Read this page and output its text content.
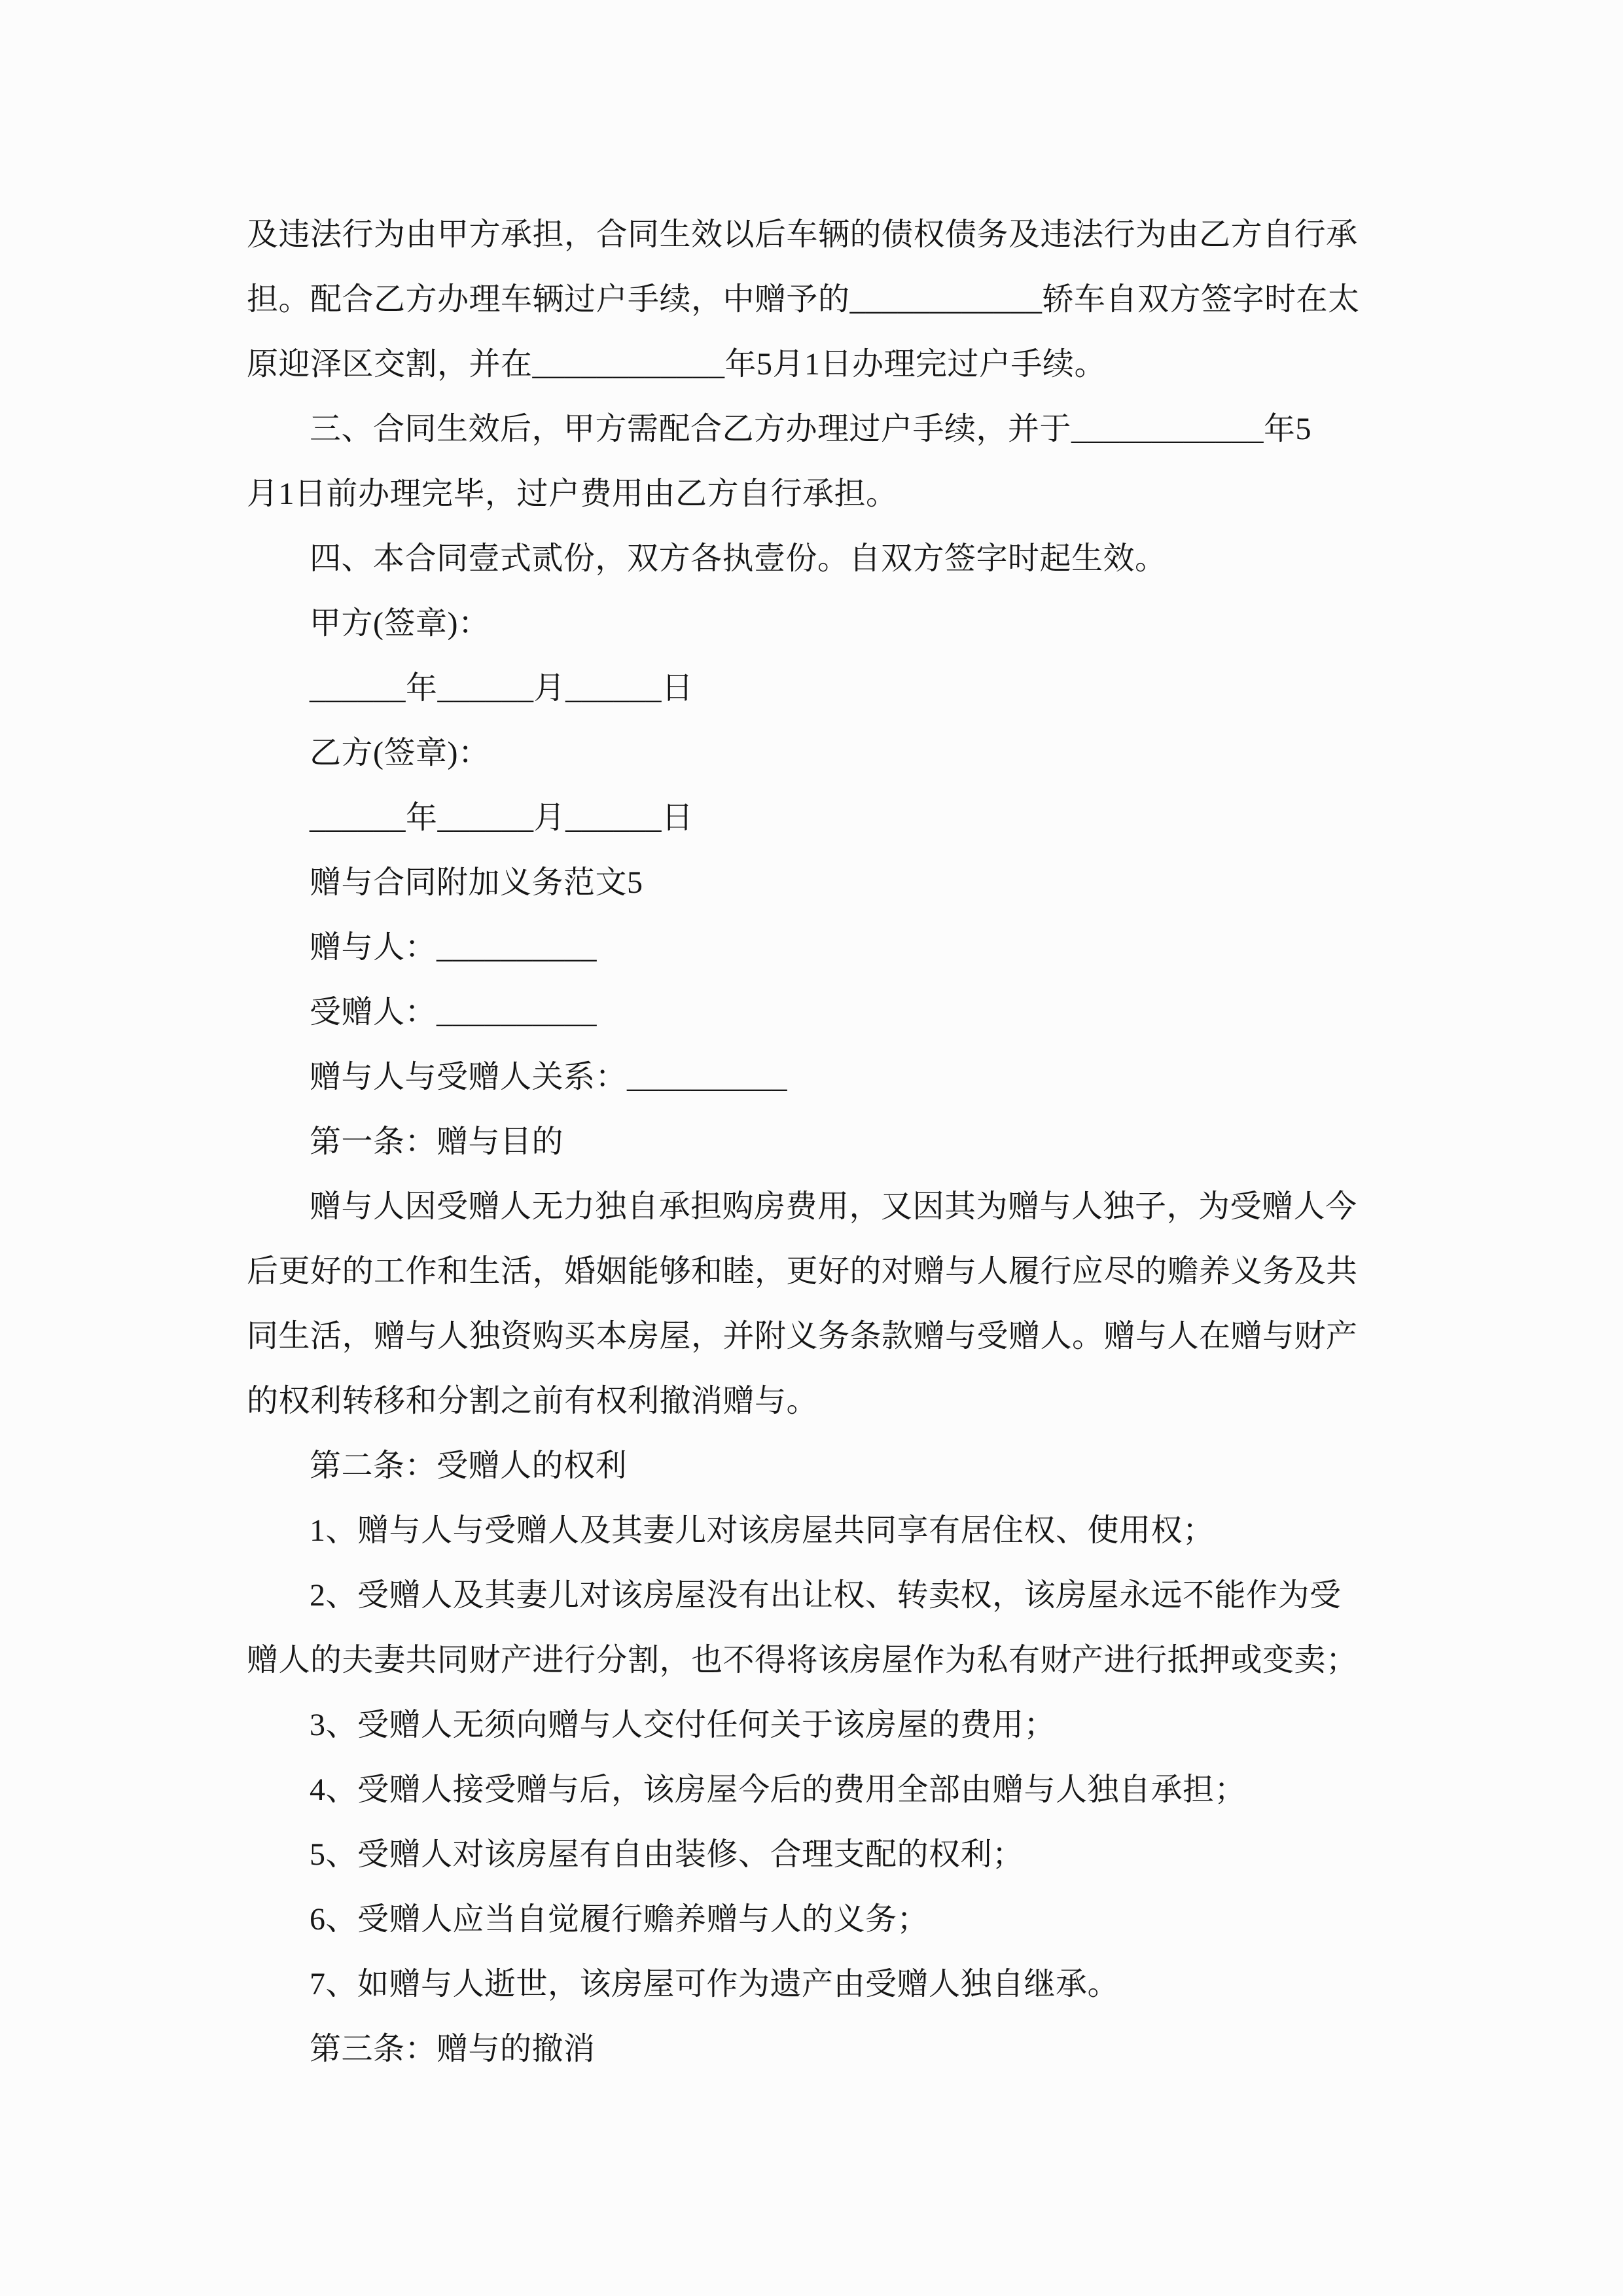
及违法行为由甲方承担，合同生效以后车辆的债权债务及违法行为由乙方自行承
担。配合乙方办理车辆过户手续，中赠予的____________轿车自双方签字时在太
原迎泽区交割，并在____________年5月1日办理完过户手续。
三、合同生效后，甲方需配合乙方办理过户手续，并于____________年5
月1日前办理完毕，过户费用由乙方自行承担。
四、本合同壹式贰份，双方各执壹份。自双方签字时起生效。
甲方(签章)：
______年______月______日
乙方(签章)：
______年______月______日
赠与合同附加义务范文5
赠与人：__________
受赠人：__________
赠与人与受赠人关系：__________
第一条：赠与目的
赠与人因受赠人无力独自承担购房费用，又因其为赠与人独子，为受赠人今
后更好的工作和生活，婚姻能够和睦，更好的对赠与人履行应尽的赡养义务及共
同生活，赠与人独资购买本房屋，并附义务条款赠与受赠人。赠与人在赠与财产
的权利转移和分割之前有权利撤消赠与。
第二条：受赠人的权利
1、赠与人与受赠人及其妻儿对该房屋共同享有居住权、使用权；
2、受赠人及其妻儿对该房屋没有出让权、转卖权，该房屋永远不能作为受
赠人的夫妻共同财产进行分割，也不得将该房屋作为私有财产进行抵押或变卖；
3、受赠人无须向赠与人交付任何关于该房屋的费用；
4、受赠人接受赠与后，该房屋今后的费用全部由赠与人独自承担；
5、受赠人对该房屋有自由装修、合理支配的权利；
6、受赠人应当自觉履行赡养赠与人的义务；
7、如赠与人逝世，该房屋可作为遗产由受赠人独自继承。
第三条：赠与的撤消
